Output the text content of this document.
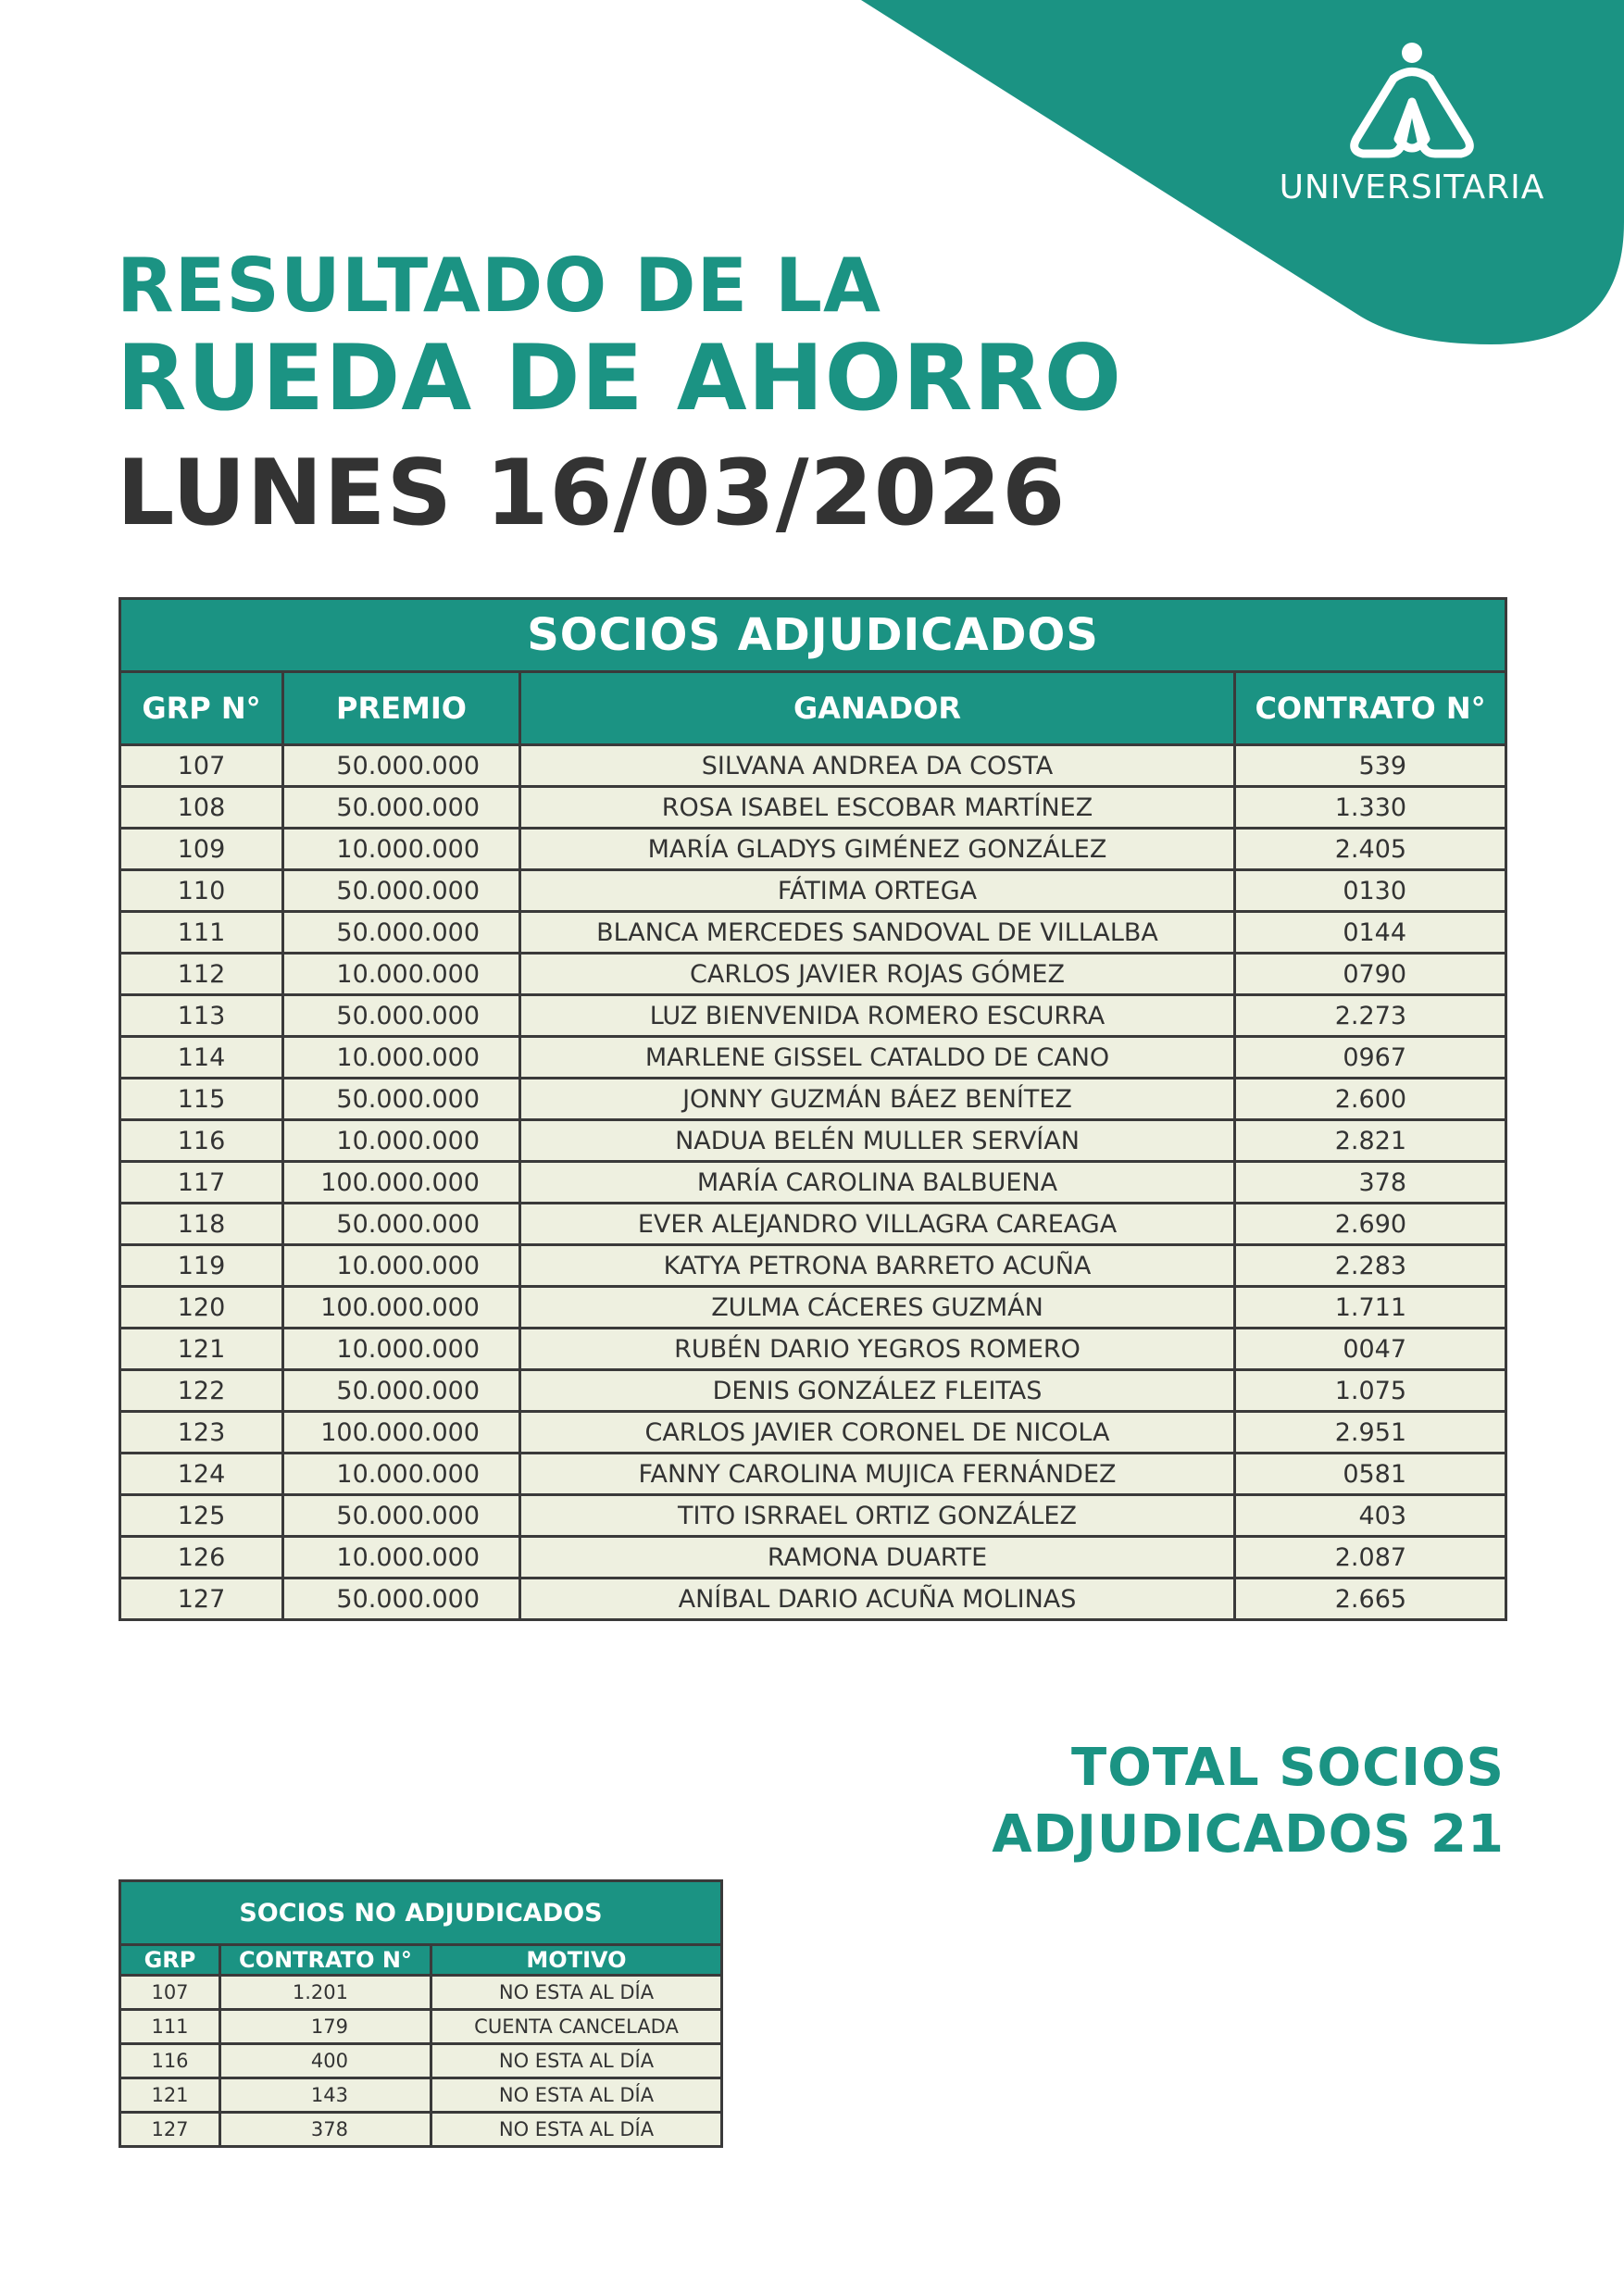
UNIVERSITARIA
RESULTADO DE LA
RUEDA DE AHORRO
LUNES 16/03/2026
SOCIOS ADJUDICADOS			
GRP N°	PREMIO	GANADOR	CONTRATO N°
107	50.000.000	SILVANA ANDREA DA COSTA	539
108	50.000.000	ROSA ISABEL ESCOBAR MARTÍNEZ	1.330
109	10.000.000	MARÍA GLADYS GIMÉNEZ GONZÁLEZ	2.405
110	50.000.000	FÁTIMA ORTEGA	0130
111	50.000.000	BLANCA MERCEDES SANDOVAL DE VILLALBA	0144
112	10.000.000	CARLOS JAVIER ROJAS GÓMEZ	0790
113	50.000.000	LUZ BIENVENIDA ROMERO ESCURRA	2.273
114	10.000.000	MARLENE GISSEL CATALDO DE CANO	0967
115	50.000.000	JONNY GUZMÁN BÁEZ BENÍTEZ	2.600
116	10.000.000	NADUA BELÉN MULLER SERVÍAN	2.821
117	100.000.000	MARÍA CAROLINA BALBUENA	378
118	50.000.000	EVER ALEJANDRO VILLAGRA CAREAGA	2.690
119	10.000.000	KATYA PETRONA BARRETO ACUÑA	2.283
120	100.000.000	ZULMA CÁCERES GUZMÁN	1.711
121	10.000.000	RUBÉN DARIO YEGROS ROMERO	0047
122	50.000.000	DENIS GONZÁLEZ FLEITAS	1.075
123	100.000.000	CARLOS JAVIER CORONEL DE NICOLA	2.951
124	10.000.000	FANNY CAROLINA MUJICA FERNÁNDEZ	0581
125	50.000.000	TITO ISRRAEL ORTIZ GONZÁLEZ	403
126	10.000.000	RAMONA DUARTE	2.087
127	50.000.000	ANÍBAL DARIO ACUÑA MOLINAS	2.665
TOTAL SOCIOS
ADJUDICADOS 21
SOCIOS NO ADJUDICADOS		
GRP	CONTRATO N°	MOTIVO
107	1.201	NO ESTA AL DÍA
111	179	CUENTA CANCELADA
116	400	NO ESTA AL DÍA
121	143	NO ESTA AL DÍA
127	378	NO ESTA AL DÍA
